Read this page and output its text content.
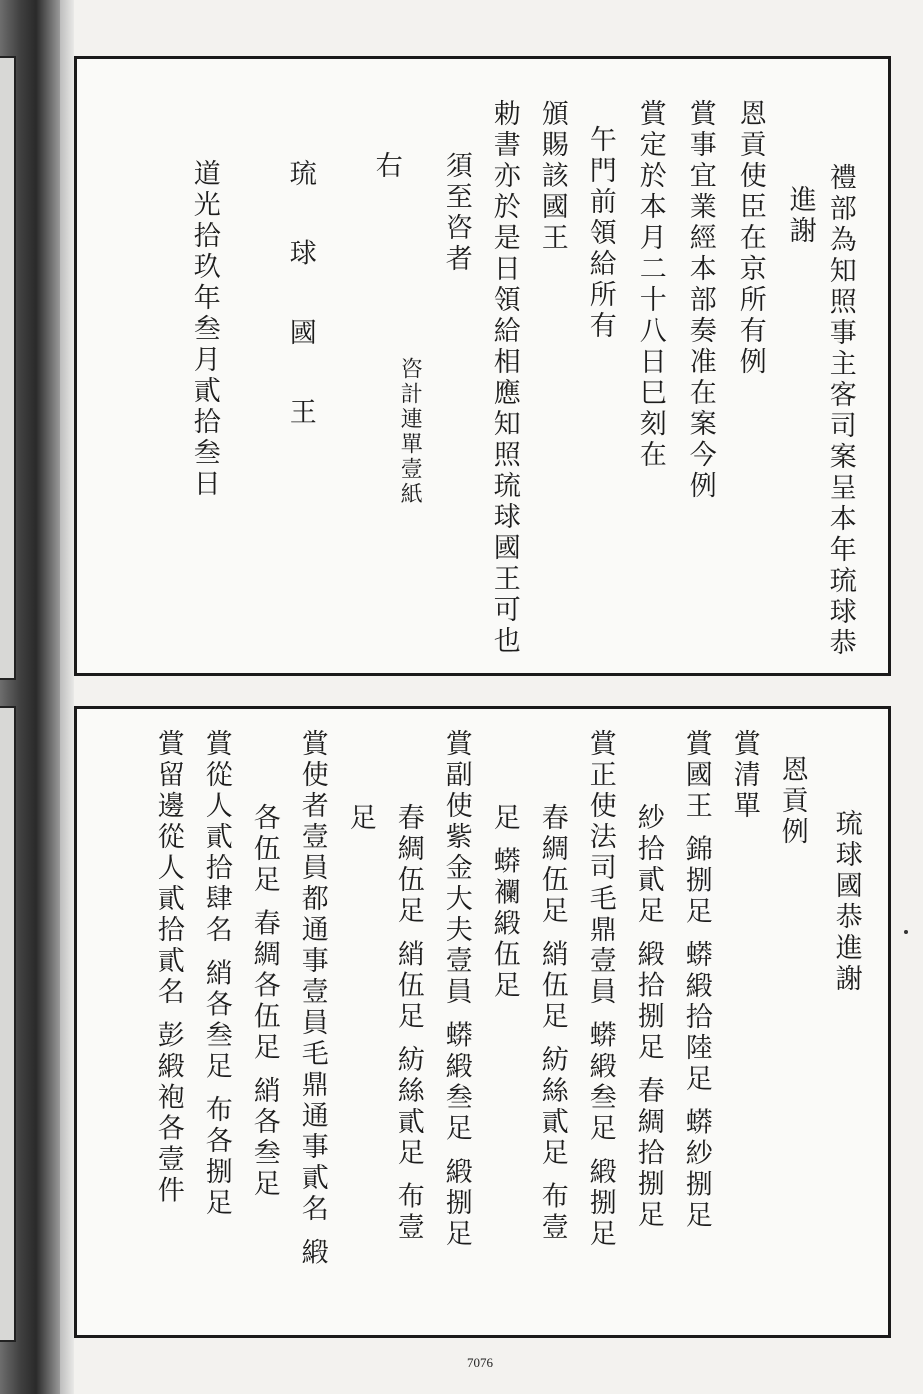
禮部為知照事主客司案呈本年琉球恭
進謝
恩貢使臣在京所有例
賞事宜業經本部奏准在案今例
賞定於本月二十八日巳刻在
午門前領給所有
頒賜該國王
勅書亦於是日領給相應知照琉球國王可也
須至咨者
咨計連單壹紙
右
琉 球 國 王
道光拾玖年叁月貳拾叁日
琉球國恭進謝
恩貢例
賞清單
賞國王 錦捌足 蟒緞拾陸足 蟒紗捌足
紗拾貳足 緞拾捌足 春綢拾捌足
賞正使法司毛鼎壹員 蟒緞叁足 緞捌足
春綢伍足 綃伍足 紡絲貳足 布壹
足 蟒襴緞伍足
賞副使紫金大夫壹員 蟒緞叁足 緞捌足
春綢伍足 綃伍足 紡絲貳足 布壹
足
賞使者壹員都通事壹員毛鼎通事貳名 緞
各伍足 春綢各伍足 綃各叁足
賞從人貳拾肆名 綃各叁足 布各捌足
賞留邊從人貳拾貳名 彭緞袍各壹件
7076
